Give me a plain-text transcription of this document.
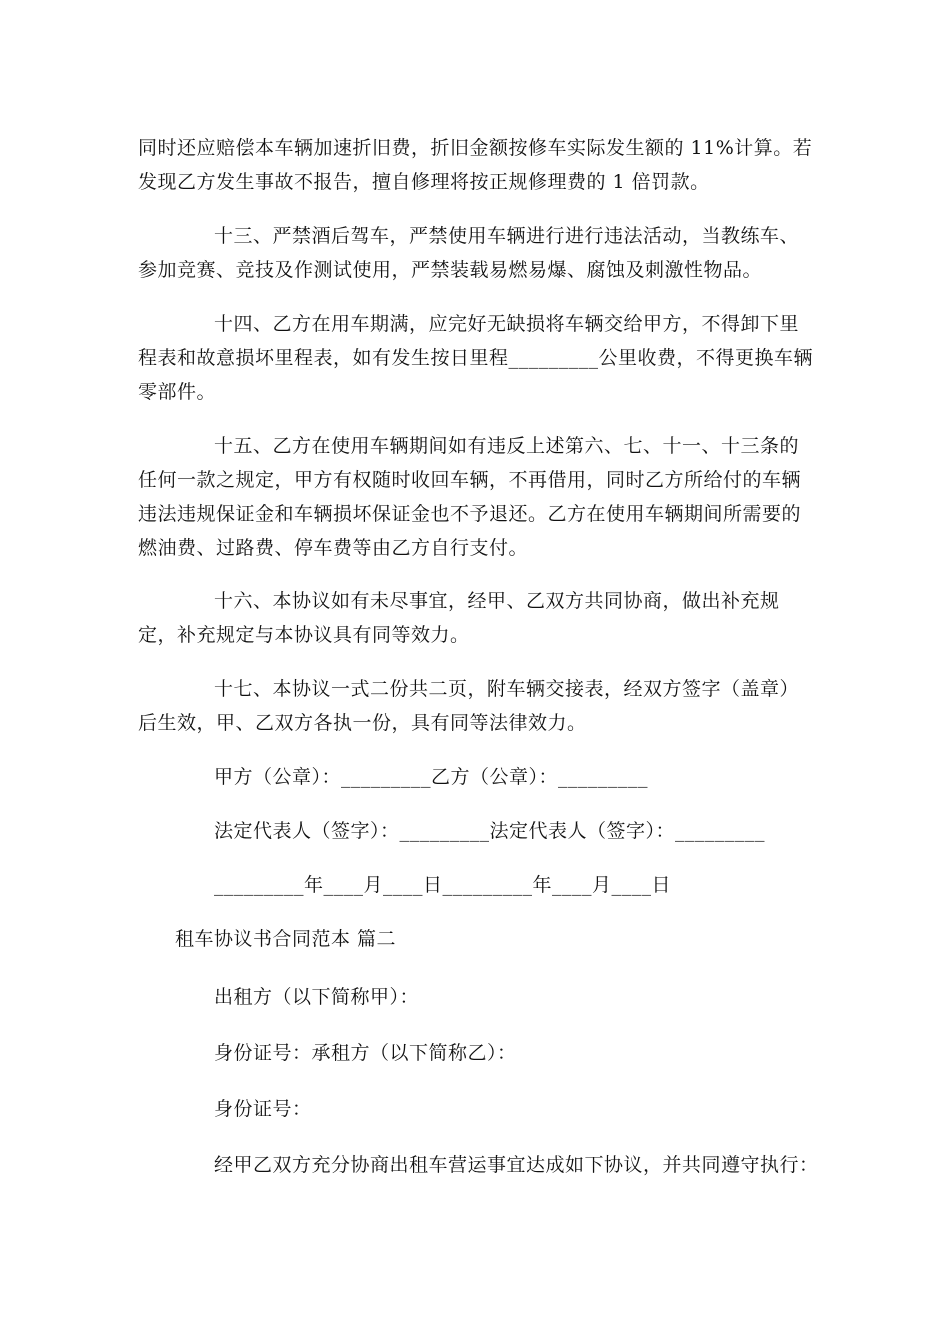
同时还应赔偿本车辆加速折旧费，折旧金额按修车实际发生额的 11%计算。若发现乙方发生事故不报告，擅自修理将按正规修理费的 1 倍罚款。

十三、严禁酒后驾车，严禁使用车辆进行进行违法活动，当教练车、参加竞赛、竞技及作测试使用，严禁装载易燃易爆、腐蚀及刺激性物品。

十四、乙方在用车期满，应完好无缺损将车辆交给甲方，不得卸下里程表和故意损坏里程表，如有发生按日里程_________公里收费，不得更换车辆零部件。

十五、乙方在使用车辆期间如有违反上述第六、七、十一、十三条的任何一款之规定，甲方有权随时收回车辆，不再借用，同时乙方所给付的车辆违法违规保证金和车辆损坏保证金也不予退还。乙方在使用车辆期间所需要的燃油费、过路费、停车费等由乙方自行支付。

十六、本协议如有未尽事宜，经甲、乙双方共同协商，做出补充规定，补充规定与本协议具有同等效力。

十七、本协议一式二份共二页，附车辆交接表，经双方签字（盖章）后生效，甲、乙双方各执一份，具有同等法律效力。

甲方（公章）：_________乙方（公章）：_________

法定代表人（签字）：_________法定代表人（签字）：_________

_________年____月____日_________年____月____日

租车协议书合同范本 篇二

出租方（以下简称甲）：

身份证号：承租方（以下简称乙）：

身份证号：

经甲乙双方充分协商出租车营运事宜达成如下协议，并共同遵守执行：
